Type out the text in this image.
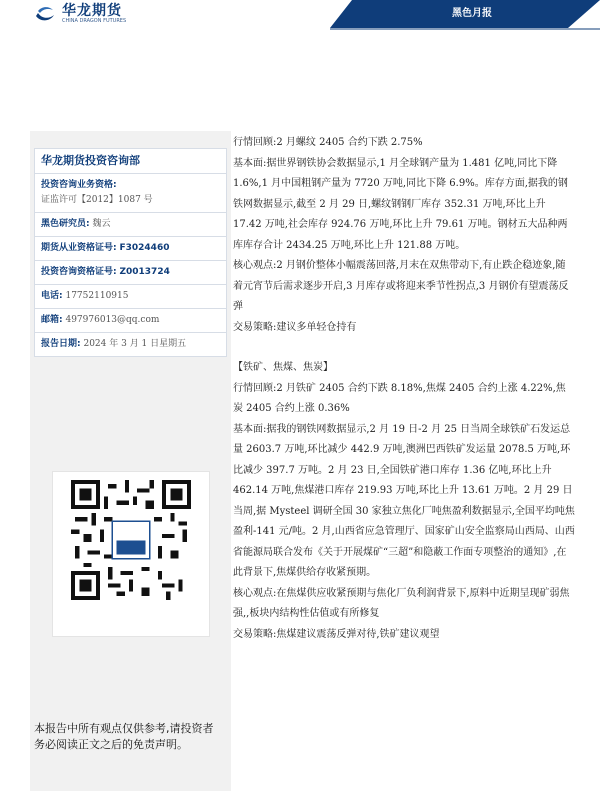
华龙期货
CHINA DRAGON FUTURES
黑色月报
华龙期货投资咨询部
投资咨询业务资格:
证监许可【2012】1087 号
黑色研究员: 魏云
期货从业资格证号: F3024460
投资咨询资格证号: Z0013724
电话: 17752110915
邮箱: 497976013@qq.com
报告日期: 2024 年 3 月 1 日星期五
本报告中所有观点仅供参考,请投资者务必阅读正文之后的免责声明。

行情回顾:2 月螺纹 2405 合约下跌 2.75%

基本面:据世界钢铁协会数据显示,1 月全球钢产量为 1.481 亿吨,同比下降 1.6%,1 月中国粗钢产量为 7720 万吨,同比下降 6.9%。库存方面,据我的钢铁网数据显示,截至 2 月 29 日,螺纹钢钢厂库存 352.31 万吨,环比上升 17.42 万吨,社会库存 924.76 万吨,环比上升 79.61 万吨。钢材五大品种两库库存合计 2434.25 万吨,环比上升 121.88 万吨。

核心观点:2 月钢价整体小幅震荡回落,月末在双焦带动下,有止跌企稳迹象,随着元宵节后需求逐步开启,3 月库存或将迎来季节性拐点,3 月钢价有望震荡反弹

交易策略:建议多单轻仓持有

【铁矿、焦煤、焦炭】

行情回顾:2 月铁矿 2405 合约下跌 8.18%,焦煤 2405 合约上涨 4.22%,焦炭 2405 合约上涨 0.36%

基本面:据我的钢铁网数据显示,2 月 19 日-2 月 25 日当周全球铁矿石发运总量 2603.7 万吨,环比减少 442.9 万吨,澳洲巴西铁矿发运量 2078.5 万吨,环比减少 397.7 万吨。2 月 23 日,全国铁矿港口库存 1.36 亿吨,环比上升 462.14 万吨,焦煤港口库存 219.93 万吨,环比上升 13.61 万吨。2 月 29 日当周,据 Mysteel 调研全国 30 家独立焦化厂吨焦盈利数据显示,全国平均吨焦盈利-141 元/吨。2 月,山西省应急管理厅、国家矿山安全监察局山西局、山西省能源局联合发布《关于开展煤矿“三超”和隐蔽工作面专项整治的通知》,在此背景下,焦煤供给存收紧预期。

核心观点:在焦煤供应收紧预期与焦化厂负利润背景下,原料中近期呈现矿弱焦强,,板块内结构性估值或有所修复

交易策略:焦煤建议震荡反弹对待,铁矿建议观望
